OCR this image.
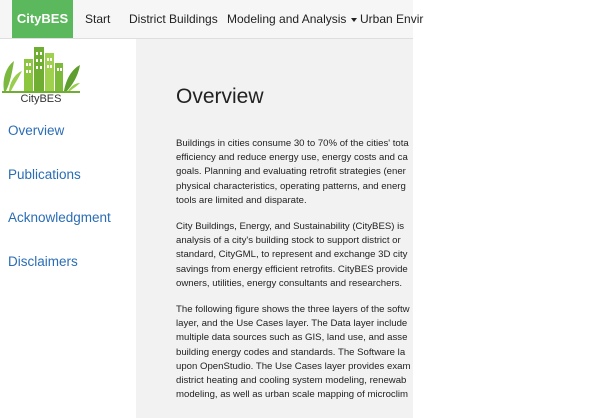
CityBES	Start District Buildings Modeling and Analysis	Urban Envir
CityBES
Overview
Publications
Acknowledgment
Disclaimers
Overview
Buildings in cities consume 30 to 70% of the cities' tota
efficiency and reduce energy use, energy costs and ca
goals. Planning and evaluating retrofit strategies (ener
physical characteristics, operating patterns, and energ
tools are limited and disparate.
City Buildings, Energy, and Sustainability (CityBES) is
analysis of a city's building stock to support district or
standard, CityGML, to represent and exchange 3D city
savings from energy efficient retrofits. CityBES provide
owners, utilities, energy consultants and researchers.
The following figure shows the three layers of the softw
layer, and the Use Cases layer. The Data layer include
multiple data sources such as GIS, land use, and asse
building energy codes and standards. The Software la
upon OpenStudio. The Use Cases layer provides exam
district heating and cooling system modeling, renewab
modeling, as well as urban scale mapping of microclim
